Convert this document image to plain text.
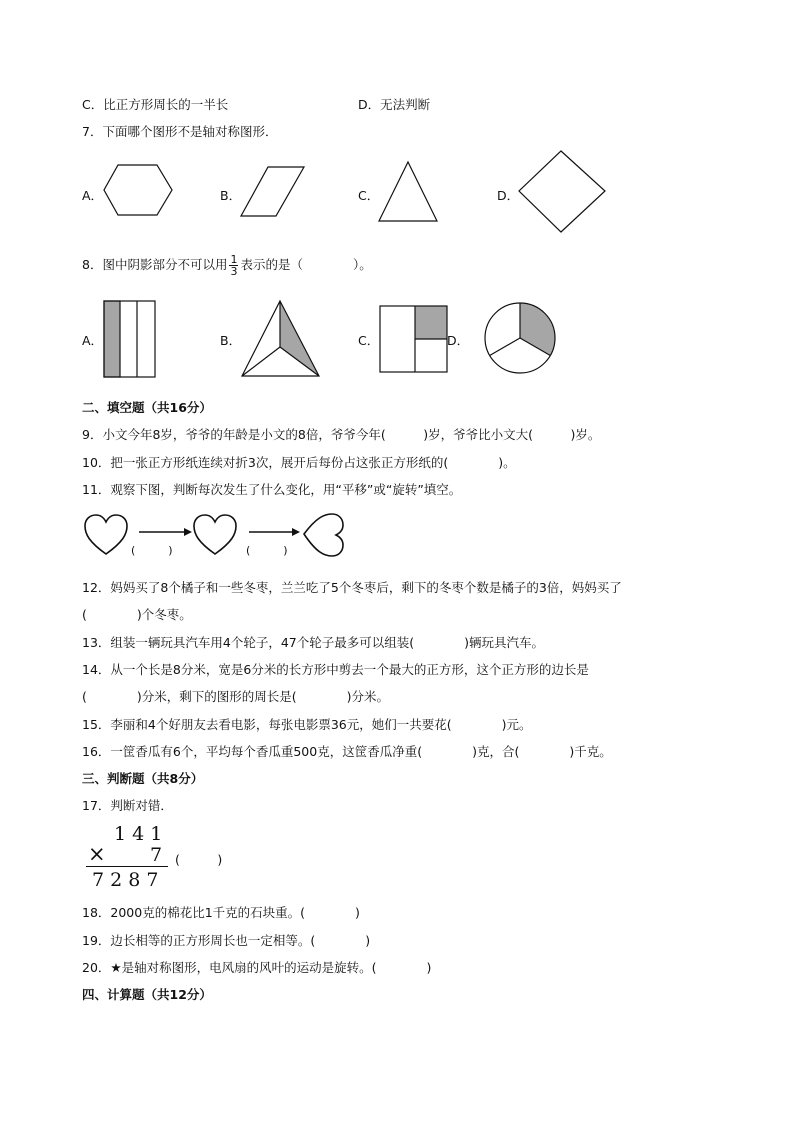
C．比正方形周长的一半长	D．无法判断
7．下面哪个图形不是轴对称图形．
A．	B．	C．	D．
8．图中阴影部分不可以用 $\frac{1}{3}$ 表示的是（　　　　）。
A．	B．	C．	D．
二、填空题（共16分）
9．小文今年8岁，爷爷的年龄是小文的8倍，爷爷今年(　　　)岁，爷爷比小文大(　　　)岁。
10．把一张正方形纸连续对折3次，展开后每份占这张正方形纸的(　　　　)。
11．观察下图，判断每次发生了什么变化，用“平移”或“旋转”填空。
(　　　)	(　　　)
12．妈妈买了8个橘子和一些冬枣，兰兰吃了5个冬枣后，剩下的冬枣个数是橘子的3倍，妈妈买了
(　　　　)个冬枣。
13．组装一辆玩具汽车用4个轮子，47个轮子最多可以组装(　　　　)辆玩具汽车。
14．从一个长是8分米，宽是6分米的长方形中剪去一个最大的正方形，这个正方形的边长是
(　　　　)分米，剩下的图形的周长是(　　　　)分米。
15．李丽和4个好朋友去看电影，每张电影票36元，她们一共要花(　　　　)元。
16．一筐香瓜有6个，平均每个香瓜重500克，这筐香瓜净重(　　　　)克，合(　　　　)千克。
三、判断题（共8分）
17．判断对错．
1 4 1
× 7
7 2 8 7
(　　　)
18．2000克的棉花比1千克的石块重。(　　　　)
19．边长相等的正方形周长也一定相等。(　　　　)
20．★是轴对称图形，电风扇的风叶的运动是旋转。(　　　　)
四、计算题（共12分）
